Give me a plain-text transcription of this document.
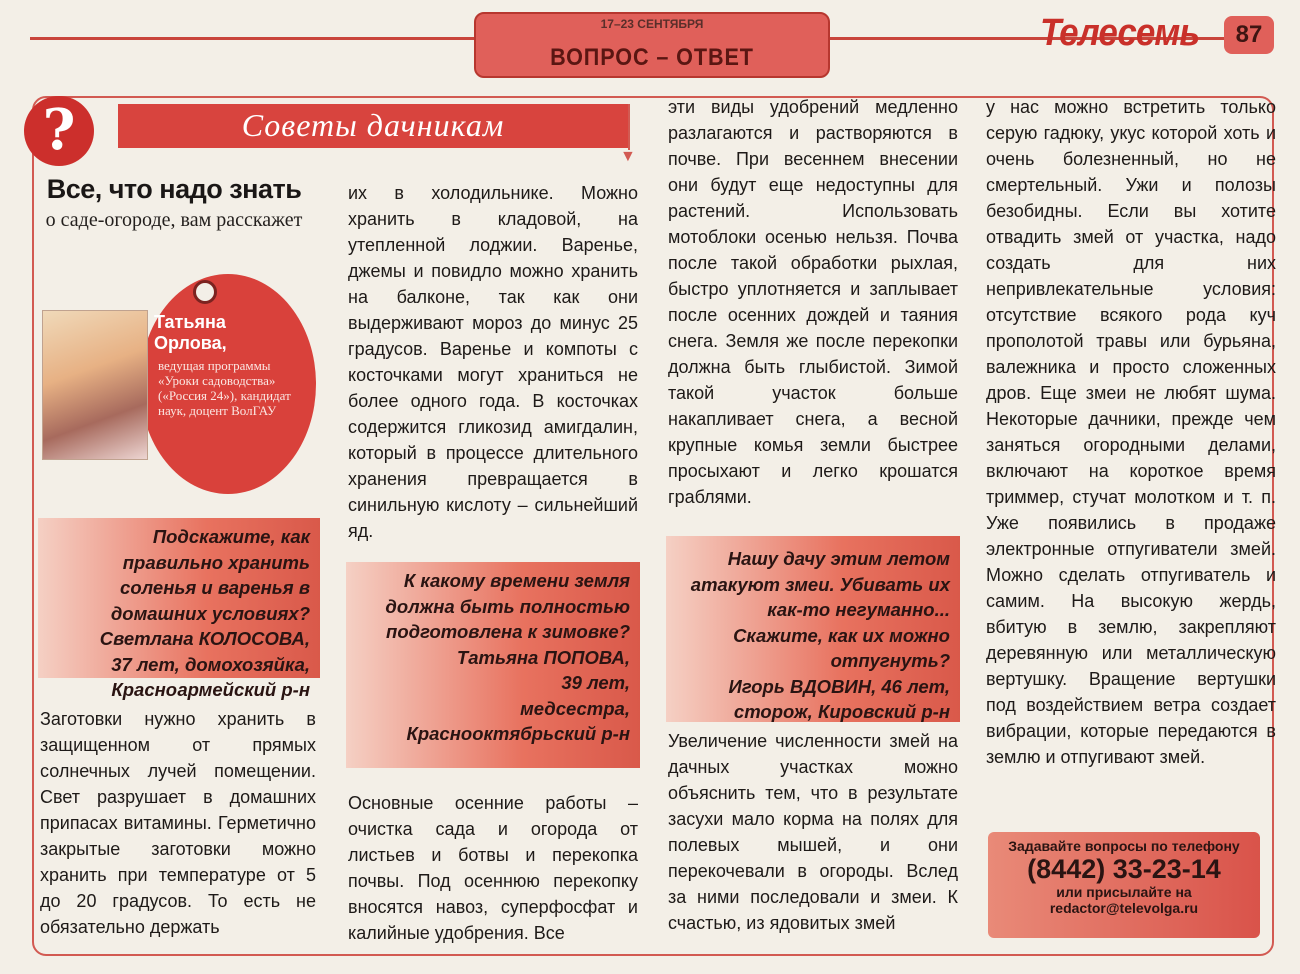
17–23 СЕНТЯБРЯ
ВОПРОС – ОТВЕТ
Телесемь	87
?	Советы дачникам
▼
Все, что надо знать
о саде-огороде, вам расскажет
Татьяна Орлова,
ведущая программы «Уроки садоводства» («Россия 24»), кандидат наук, доцент ВолГАУ
Подскажите, как правильно хранить соленья и варенья в домашних условиях?
Светлана КОЛОСОВА,
37 лет, домохозяйка,
Красноармейский р-н

Заготовки нужно хранить в защищенном от прямых солнечных лучей помещении. Свет разрушает в домашних припасах витамины. Герметично закрытые заготовки можно хранить при температуре от 5 до 20 градусов. То есть не обязательно держать

их в холодильнике. Можно хранить в кладовой, на утепленной лоджии. Варенье, джемы и повидло можно хранить на балконе, так как они выдерживают мороз до минус 25 градусов. Варенье и компоты с косточками могут храниться не более одного года. В косточках содержится гликозид амигдалин, который в процессе длительного хранения превращается в синильную кислоту – сильнейший яд.

К какому времени земля должна быть полностью подготовлена к зимовке?
Татьяна ПОПОВА,
39 лет,
медсестра,
Краснооктябрьский р-н

Основные осенние работы – очистка сада и огорода от листьев и ботвы и перекопка почвы. Под осеннюю перекопку вносятся навоз, суперфосфат и калийные удобрения. Все

эти виды удобрений медленно разлагаются и растворяются в почве. При весеннем внесении они будут еще недоступны для растений. Использовать мотоблоки осенью нельзя. Почва после такой обработки рыхлая, быстро уплотняется и заплывает после осенних дождей и таяния снега. Земля же после перекопки должна быть глыбистой. Зимой такой участок больше накапливает снега, а весной крупные комья земли быстрее просыхают и легко крошатся граблями.

Нашу дачу этим летом атакуют змеи. Убивать их как-то негуманно... Скажите, как их можно отпугнуть?
Игорь ВДОВИН, 46 лет, сторож, Кировский р-н

Увеличение численности змей на дачных участках можно объяснить тем, что в результате засухи мало корма на полях для полевых мышей, и они перекочевали в огороды. Вслед за ними последовали и змеи. К счастью, из ядовитых змей

у нас можно встретить только серую гадюку, укус которой хоть и очень болезненный, но не смертельный. Ужи и полозы безобидны. Если вы хотите отвадить змей от участка, надо создать для них непривлекательные условия: отсутствие всякого рода куч прополотой травы или бурьяна, валежника и просто сложенных дров. Еще змеи не любят шума. Некоторые дачники, прежде чем заняться огородными делами, включают на короткое время триммер, стучат молотком и т. п. Уже появились в продаже электронные отпугиватели змей. Можно сделать отпугиватель и самим. На высокую жердь, вбитую в землю, закрепляют деревянную или металлическую вертушку. Вращение вертушки под воздействием ветра создает вибрации, которые передаются в землю и отпугивают змей.

Задавайте вопросы по телефону
(8442) 33-23-14
или присылайте на
redactor@televolga.ru
